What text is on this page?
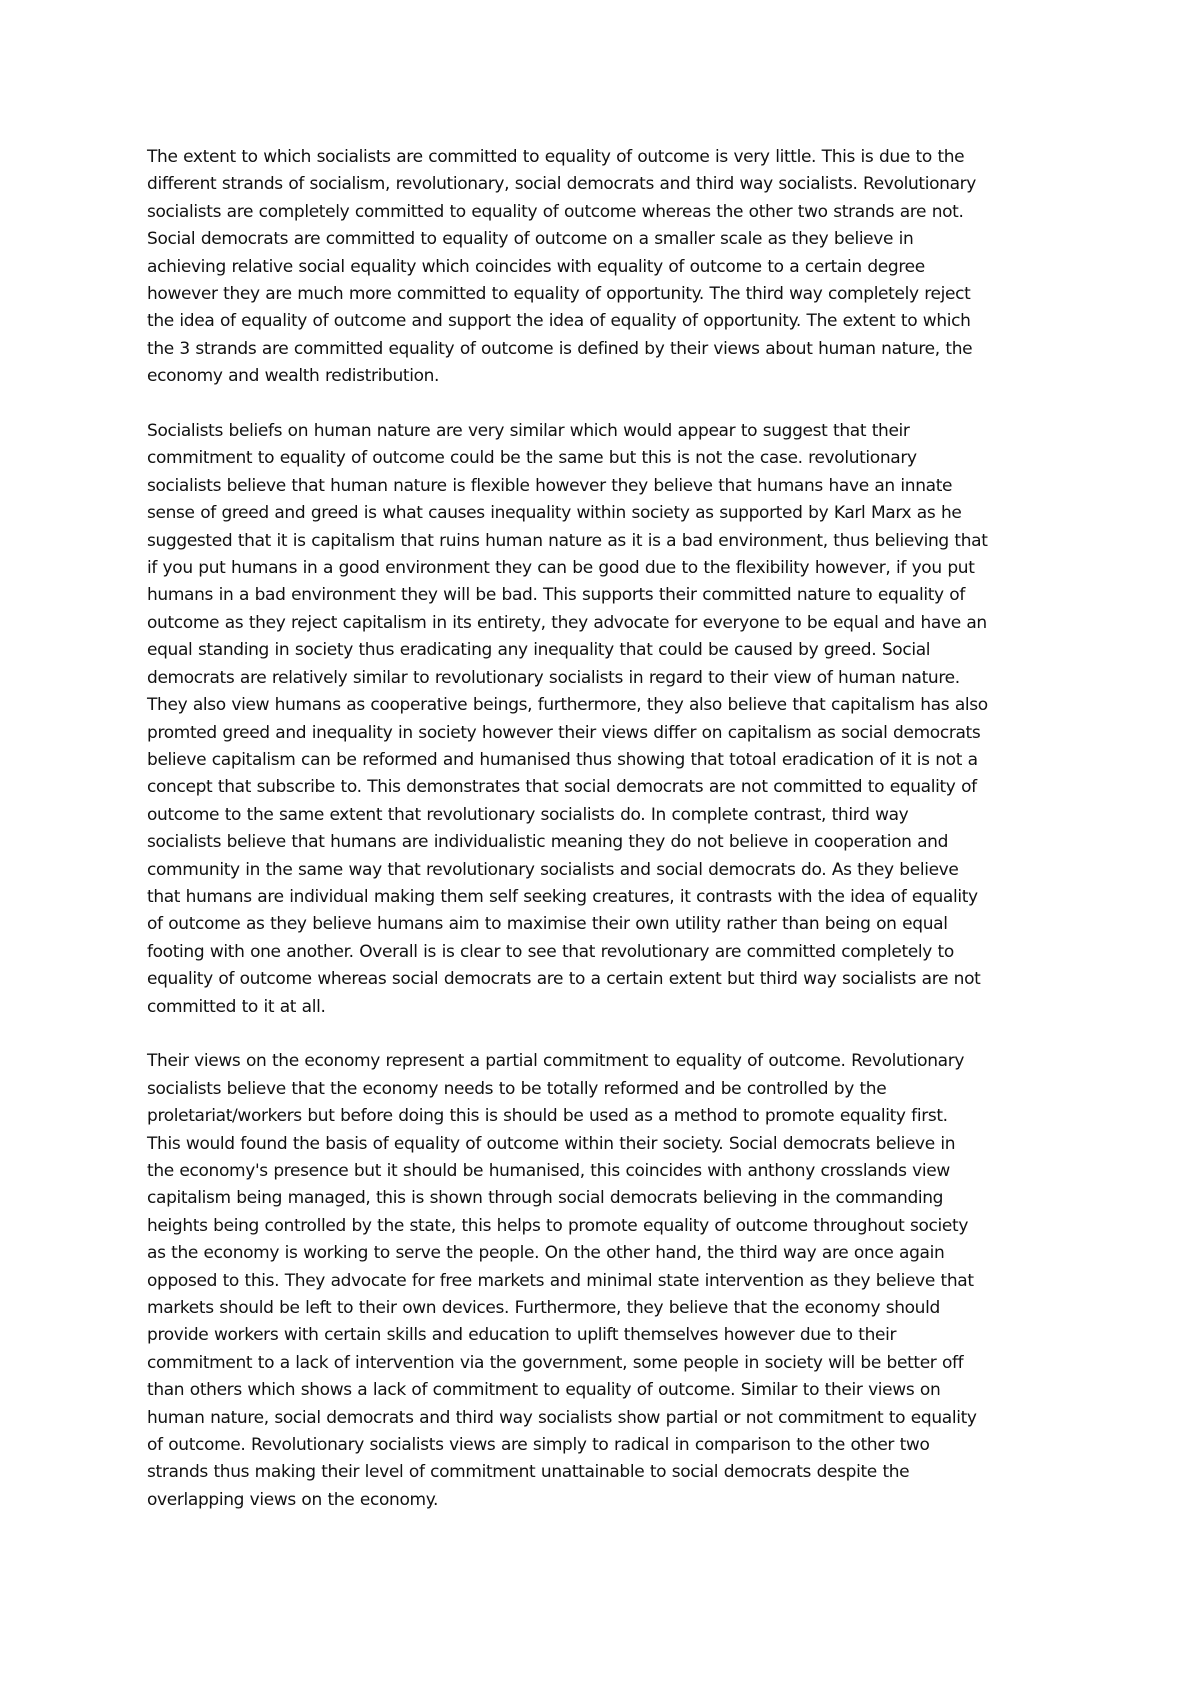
The extent to which socialists are committed to equality of outcome is very little. This is due to the
different strands of socialism, revolutionary, social democrats and third way socialists. Revolutionary
socialists are completely committed to equality of outcome whereas the other two strands are not.
Social democrats are committed to equality of outcome on a smaller scale as they believe in
achieving relative social equality which coincides with equality of outcome to a certain degree
however they are much more committed to equality of opportunity. The third way completely reject
the idea of equality of outcome and support the idea of equality of opportunity. The extent to which
the 3 strands are committed equality of outcome is defined by their views about human nature, the
economy and wealth redistribution.

Socialists beliefs on human nature are very similar which would appear to suggest that their
commitment to equality of outcome could be the same but this is not the case. revolutionary
socialists believe that human nature is flexible however they believe that humans have an innate
sense of greed and greed is what causes inequality within society as supported by Karl Marx as he
suggested that it is capitalism that ruins human nature as it is a bad environment, thus believing that
if you put humans in a good environment they can be good due to the flexibility however, if you put
humans in a bad environment they will be bad. This supports their committed nature to equality of
outcome as they reject capitalism in its entirety, they advocate for everyone to be equal and have an
equal standing in society thus eradicating any inequality that could be caused by greed. Social
democrats are relatively similar to revolutionary socialists in regard to their view of human nature.
They also view humans as cooperative beings, furthermore, they also believe that capitalism has also
promted greed and inequality in society however their views differ on capitalism as social democrats
believe capitalism can be reformed and humanised thus showing that totoal eradication of it is not a
concept that subscribe to. This demonstrates that social democrats are not committed to equality of
outcome to the same extent that revolutionary socialists do. In complete contrast, third way
socialists believe that humans are individualistic meaning they do not believe in cooperation and
community in the same way that revolutionary socialists and social democrats do. As they believe
that humans are individual making them self seeking creatures, it contrasts with the idea of equality
of outcome as they believe humans aim to maximise their own utility rather than being on equal
footing with one another. Overall is is clear to see that revolutionary are committed completely to
equality of outcome whereas social democrats are to a certain extent but third way socialists are not
committed to it at all.

Their views on the economy represent a partial commitment to equality of outcome. Revolutionary
socialists believe that the economy needs to be totally reformed and be controlled by the
proletariat/workers but before doing this is should be used as a method to promote equality first.
This would found the basis of equality of outcome within their society. Social democrats believe in
the economy's presence but it should be humanised, this coincides with anthony crosslands view
capitalism being managed, this is shown through social democrats believing in the commanding
heights being controlled by the state, this helps to promote equality of outcome throughout society
as the economy is working to serve the people. On the other hand, the third way are once again
opposed to this. They advocate for free markets and minimal state intervention as they believe that
markets should be left to their own devices. Furthermore, they believe that the economy should
provide workers with certain skills and education to uplift themselves however due to their
commitment to a lack of intervention via the government, some people in society will be better off
than others which shows a lack of commitment to equality of outcome. Similar to their views on
human nature, social democrats and third way socialists show partial or not commitment to equality
of outcome. Revolutionary socialists views are simply to radical in comparison to the other two
strands thus making their level of commitment unattainable to social democrats despite the
overlapping views on the economy.
